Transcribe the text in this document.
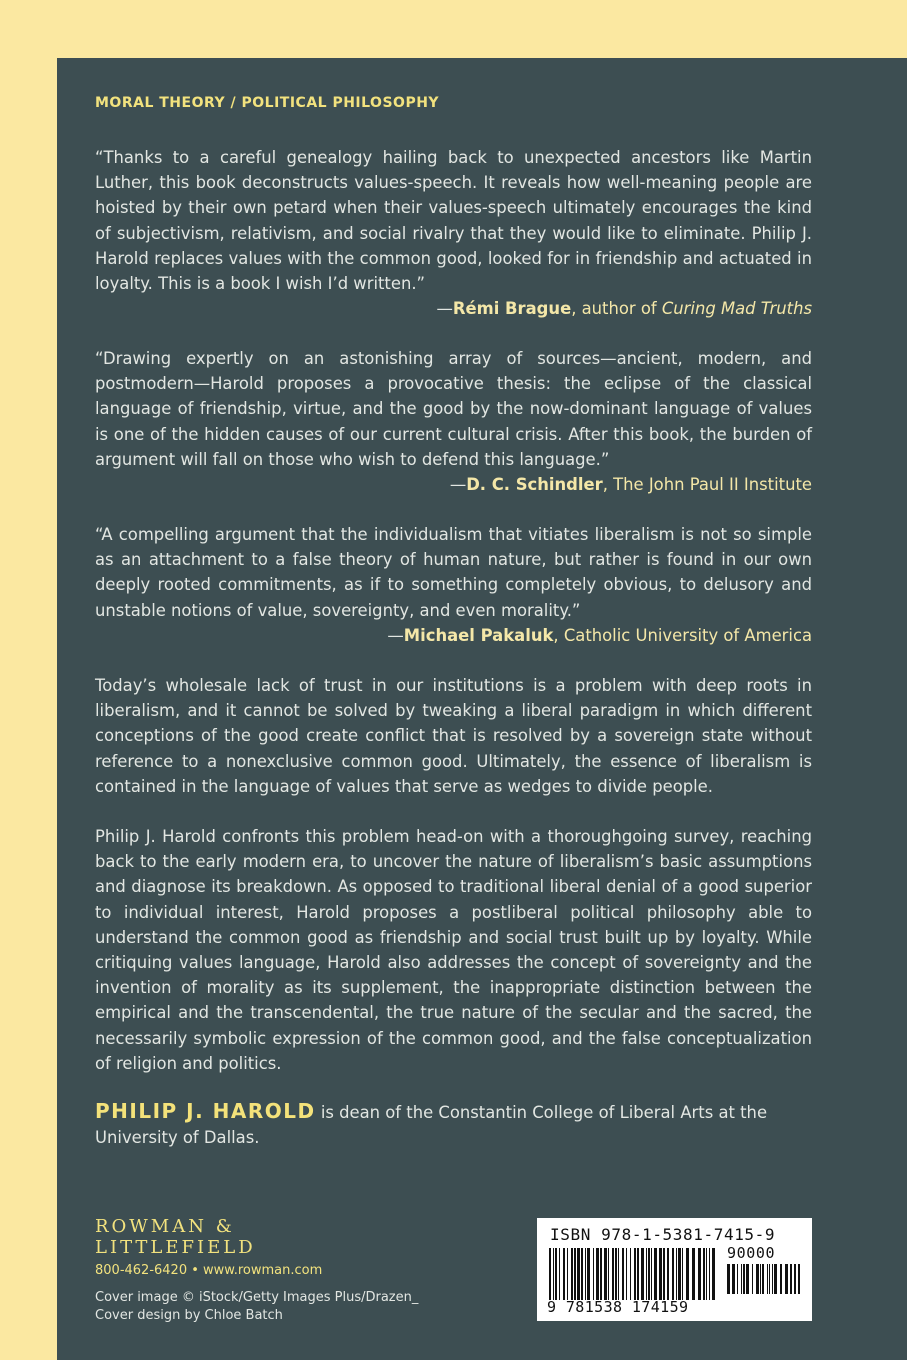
MORAL THEORY / POLITICAL PHILOSOPHY
“Thanks to a careful genealogy hailing back to unexpected ancestors like Martin Luther, this book deconstructs values-speech. It reveals how well-meaning people are hoisted by their own petard when their values-speech ultimately encourages the kind of subjectivism, relativism, and social rivalry that they would like to eliminate. Philip J. Harold replaces values with the common good, looked for in friendship and actuated in loyalty. This is a book I wish I’d written.”
—Rémi Brague, author of Curing Mad Truths
“Drawing expertly on an astonishing array of sources—ancient, modern, and postmodern—Harold proposes a provocative thesis: the eclipse of the classical language of friendship, virtue, and the good by the now-dominant language of values is one of the hidden causes of our current cultural crisis. After this book, the burden of argument will fall on those who wish to defend this language.”
—D. C. Schindler, The John Paul II Institute
“A compelling argument that the individualism that vitiates liberalism is not so simple as an attachment to a false theory of human nature, but rather is found in our own deeply rooted commitments, as if to something completely obvious, to delusory and unstable notions of value, sovereignty, and even morality.”
—Michael Pakaluk, Catholic University of America
Today’s wholesale lack of trust in our institutions is a problem with deep roots in liberalism, and it cannot be solved by tweaking a liberal paradigm in which different conceptions of the good create conflict that is resolved by a sovereign state without reference to a nonexclusive common good. Ultimately, the essence of liberalism is contained in the language of values that serve as wedges to divide people.
Philip J. Harold confronts this problem head-on with a thoroughgoing survey, reaching back to the early modern era, to uncover the nature of liberalism’s basic assumptions and diagnose its breakdown. As opposed to traditional liberal denial of a good superior to individual interest, Harold proposes a postliberal political philosophy able to understand the common good as friendship and social trust built up by loyalty. While critiquing values language, Harold also addresses the concept of sovereignty and the invention of morality as its supplement, the inappropriate distinction between the empirical and the transcendental, the true nature of the secular and the sacred, the necessarily symbolic expression of the common good, and the false conceptualization of religion and politics.
PHILIP J. HAROLD is dean of the Constantin College of Liberal Arts at the University of Dallas.
ROWMAN &
LITTLEFIELD
800-462-6420 • www.rowman.com
Cover image © iStock/Getty Images Plus/Drazen_
Cover design by Chloe Batch
ISBN 978-1-5381-7415-9
90000
9 781538 174159
